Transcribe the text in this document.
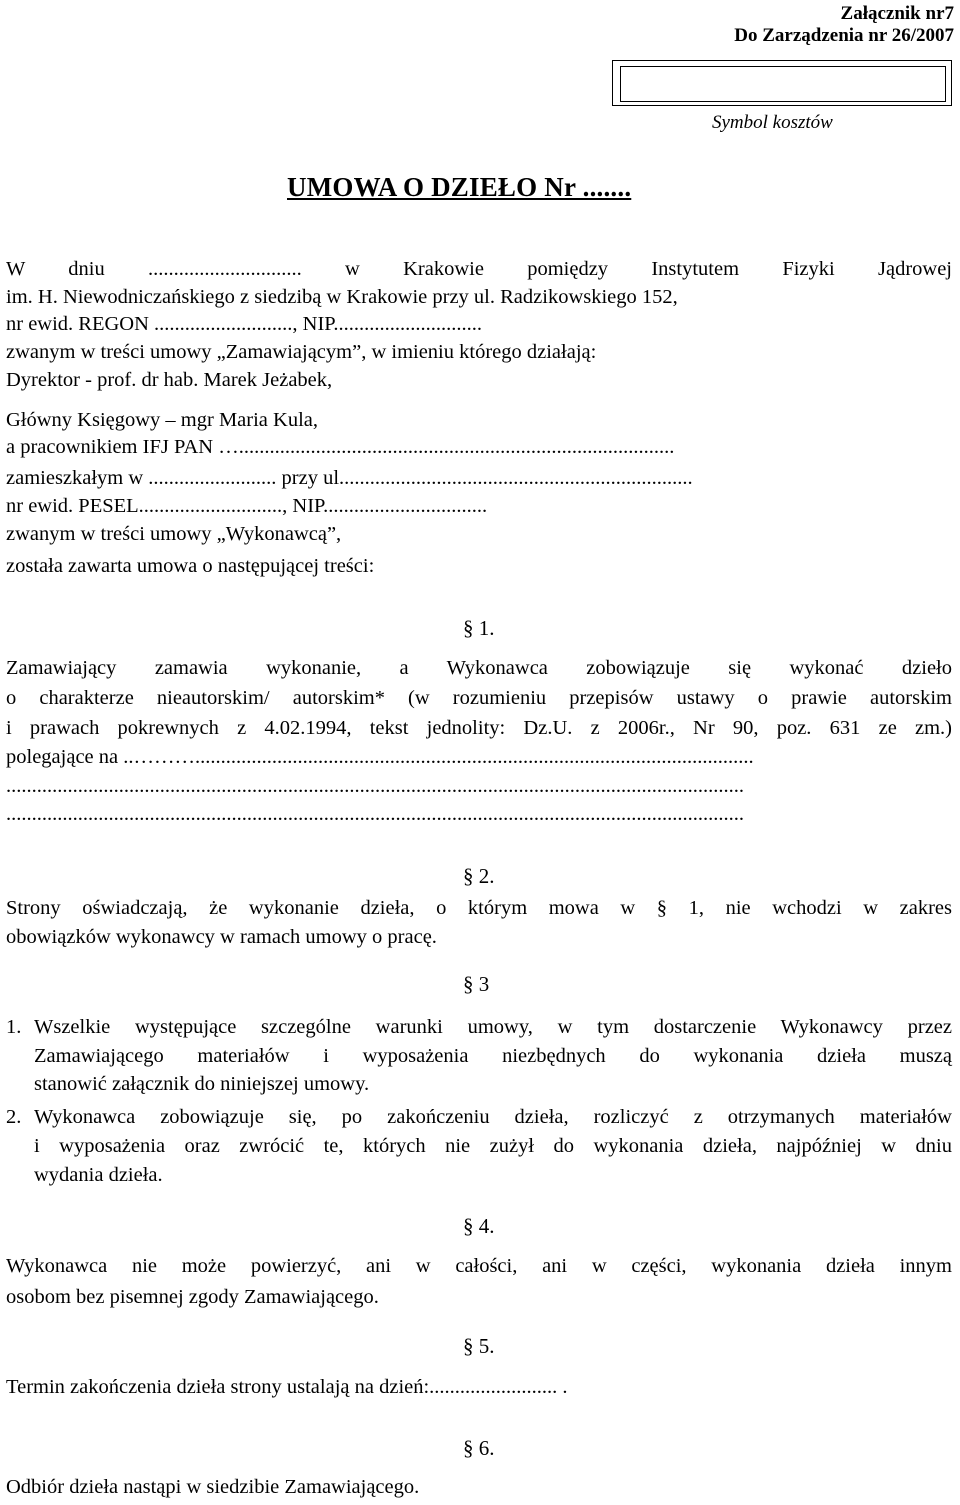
Załącznik nr7
Do Zarządzenia nr 26/2007
Symbol kosztów
UMOWA O DZIEŁO Nr .......
W dniu .............................. w Krakowie pomiędzy Instytutem Fizyki Jądrowej
im. H. Niewodniczańskiego z siedzibą w Krakowie przy ul. Radzikowskiego 152,
nr ewid. REGON ..........................., NIP.............................
zwanym w treści umowy „Zamawiającym”, w imieniu którego działają:
Dyrektor - prof. dr hab. Marek Jeżabek,
Główny Księgowy – mgr Maria Kula,
a pracownikiem IFJ PAN ….....................................................................................
zamieszkałym w ......................... przy ul.....................................................................
nr ewid. PESEL............................, NIP................................
zwanym w treści umowy „Wykonawcą”,
została zawarta umowa o następującej treści:
§ 1.
Zamawiający zamawia wykonanie, a Wykonawca zobowiązuje się wykonać dzieło
o charakterze nieautorskim/ autorskim* (w rozumieniu przepisów ustawy o prawie autorskim
i prawach pokrewnych z 4.02.1994, tekst jednolity: Dz.U. z 2006r., Nr 90, poz. 631 ze zm.)
polegające na ..……….............................................................................................................
................................................................................................................................................
................................................................................................................................................
§ 2.
Strony oświadczają, że wykonanie dzieła, o którym mowa w § 1, nie wchodzi w zakres
obowiązków wykonawcy w ramach umowy o pracę.
§ 3
1. Wszelkie występujące szczególne warunki umowy, w tym dostarczenie Wykonawcy przez
Zamawiającego materiałów i wyposażenia niezbędnych do wykonania dzieła muszą
stanowić załącznik do niniejszej umowy.
2. Wykonawca zobowiązuje się, po zakończeniu dzieła, rozliczyć z otrzymanych materiałów
i wyposażenia oraz zwrócić te, których nie zużył do wykonania dzieła, najpóźniej w dniu
wydania dzieła.
§ 4.
Wykonawca nie może powierzyć, ani w całości, ani w części, wykonania dzieła innym
osobom bez pisemnej zgody Zamawiającego.
§ 5.
Termin zakończenia dzieła strony ustalają na dzień:......................... .
§ 6.
Odbiór dzieła nastąpi w siedzibie Zamawiającego.
